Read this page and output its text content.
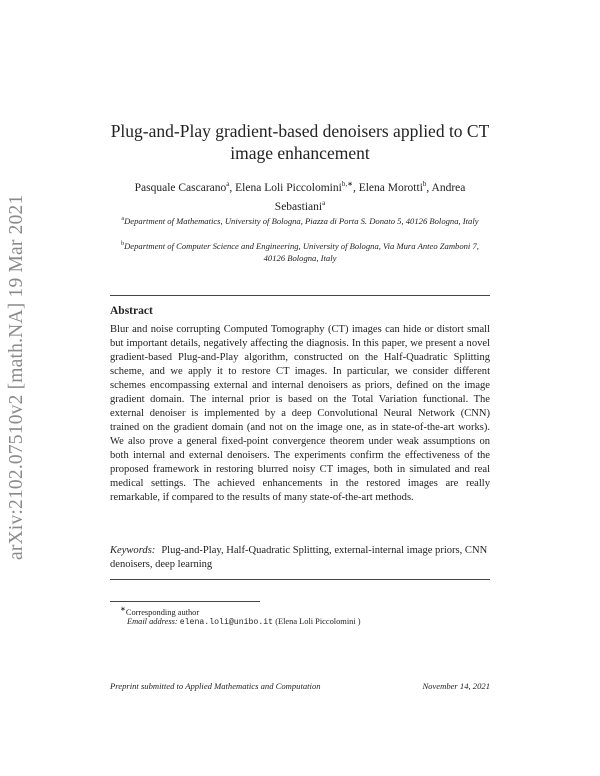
arXiv:2102.07510v2 [math.NA] 19 Mar 2021
Plug-and-Play gradient-based denoisers applied to CT image enhancement
Pasquale Cascarano$^a$, Elena Loli Piccolomini$^{b,∗}$, Elena Morotti$^b$, Andrea Sebastiani$^a$
$^a$Department of Mathematics, University of Bologna, Piazza di Porta S. Donato 5, 40126 Bologna, Italy
$^b$Department of Computer Science and Engineering, University of Bologna, Via Mura Anteo Zamboni 7, 40126 Bologna, Italy
Abstract
Blur and noise corrupting Computed Tomography (CT) images can hide or distort small but important details, negatively affecting the diagnosis. In this paper, we present a novel gradient-based Plug-and-Play algorithm, constructed on the Half-Quadratic Splitting scheme, and we apply it to restore CT images. In particular, we consider different schemes encompassing external and internal denoisers as priors, defined on the image gradient domain. The internal prior is based on the Total Variation functional. The external denoiser is implemented by a deep Convolutional Neural Network (CNN) trained on the gradient domain (and not on the image one, as in state-of-the-art works). We also prove a general fixed-point convergence theorem under weak assumptions on both internal and external denoisers. The experiments confirm the effectiveness of the proposed framework in restoring blurred noisy CT images, both in simulated and real medical settings. The achieved enhancements in the restored images are really remarkable, if compared to the results of many state-of-the-art methods.
Keywords: Plug-and-Play, Half-Quadratic Splitting, external-internal image priors, CNN denoisers, deep learning
∗Corresponding author
Email address: elena.loli@unibo.it (Elena Loli Piccolomini )
Preprint submitted to Applied Mathematics and Computation	November 14, 2021
